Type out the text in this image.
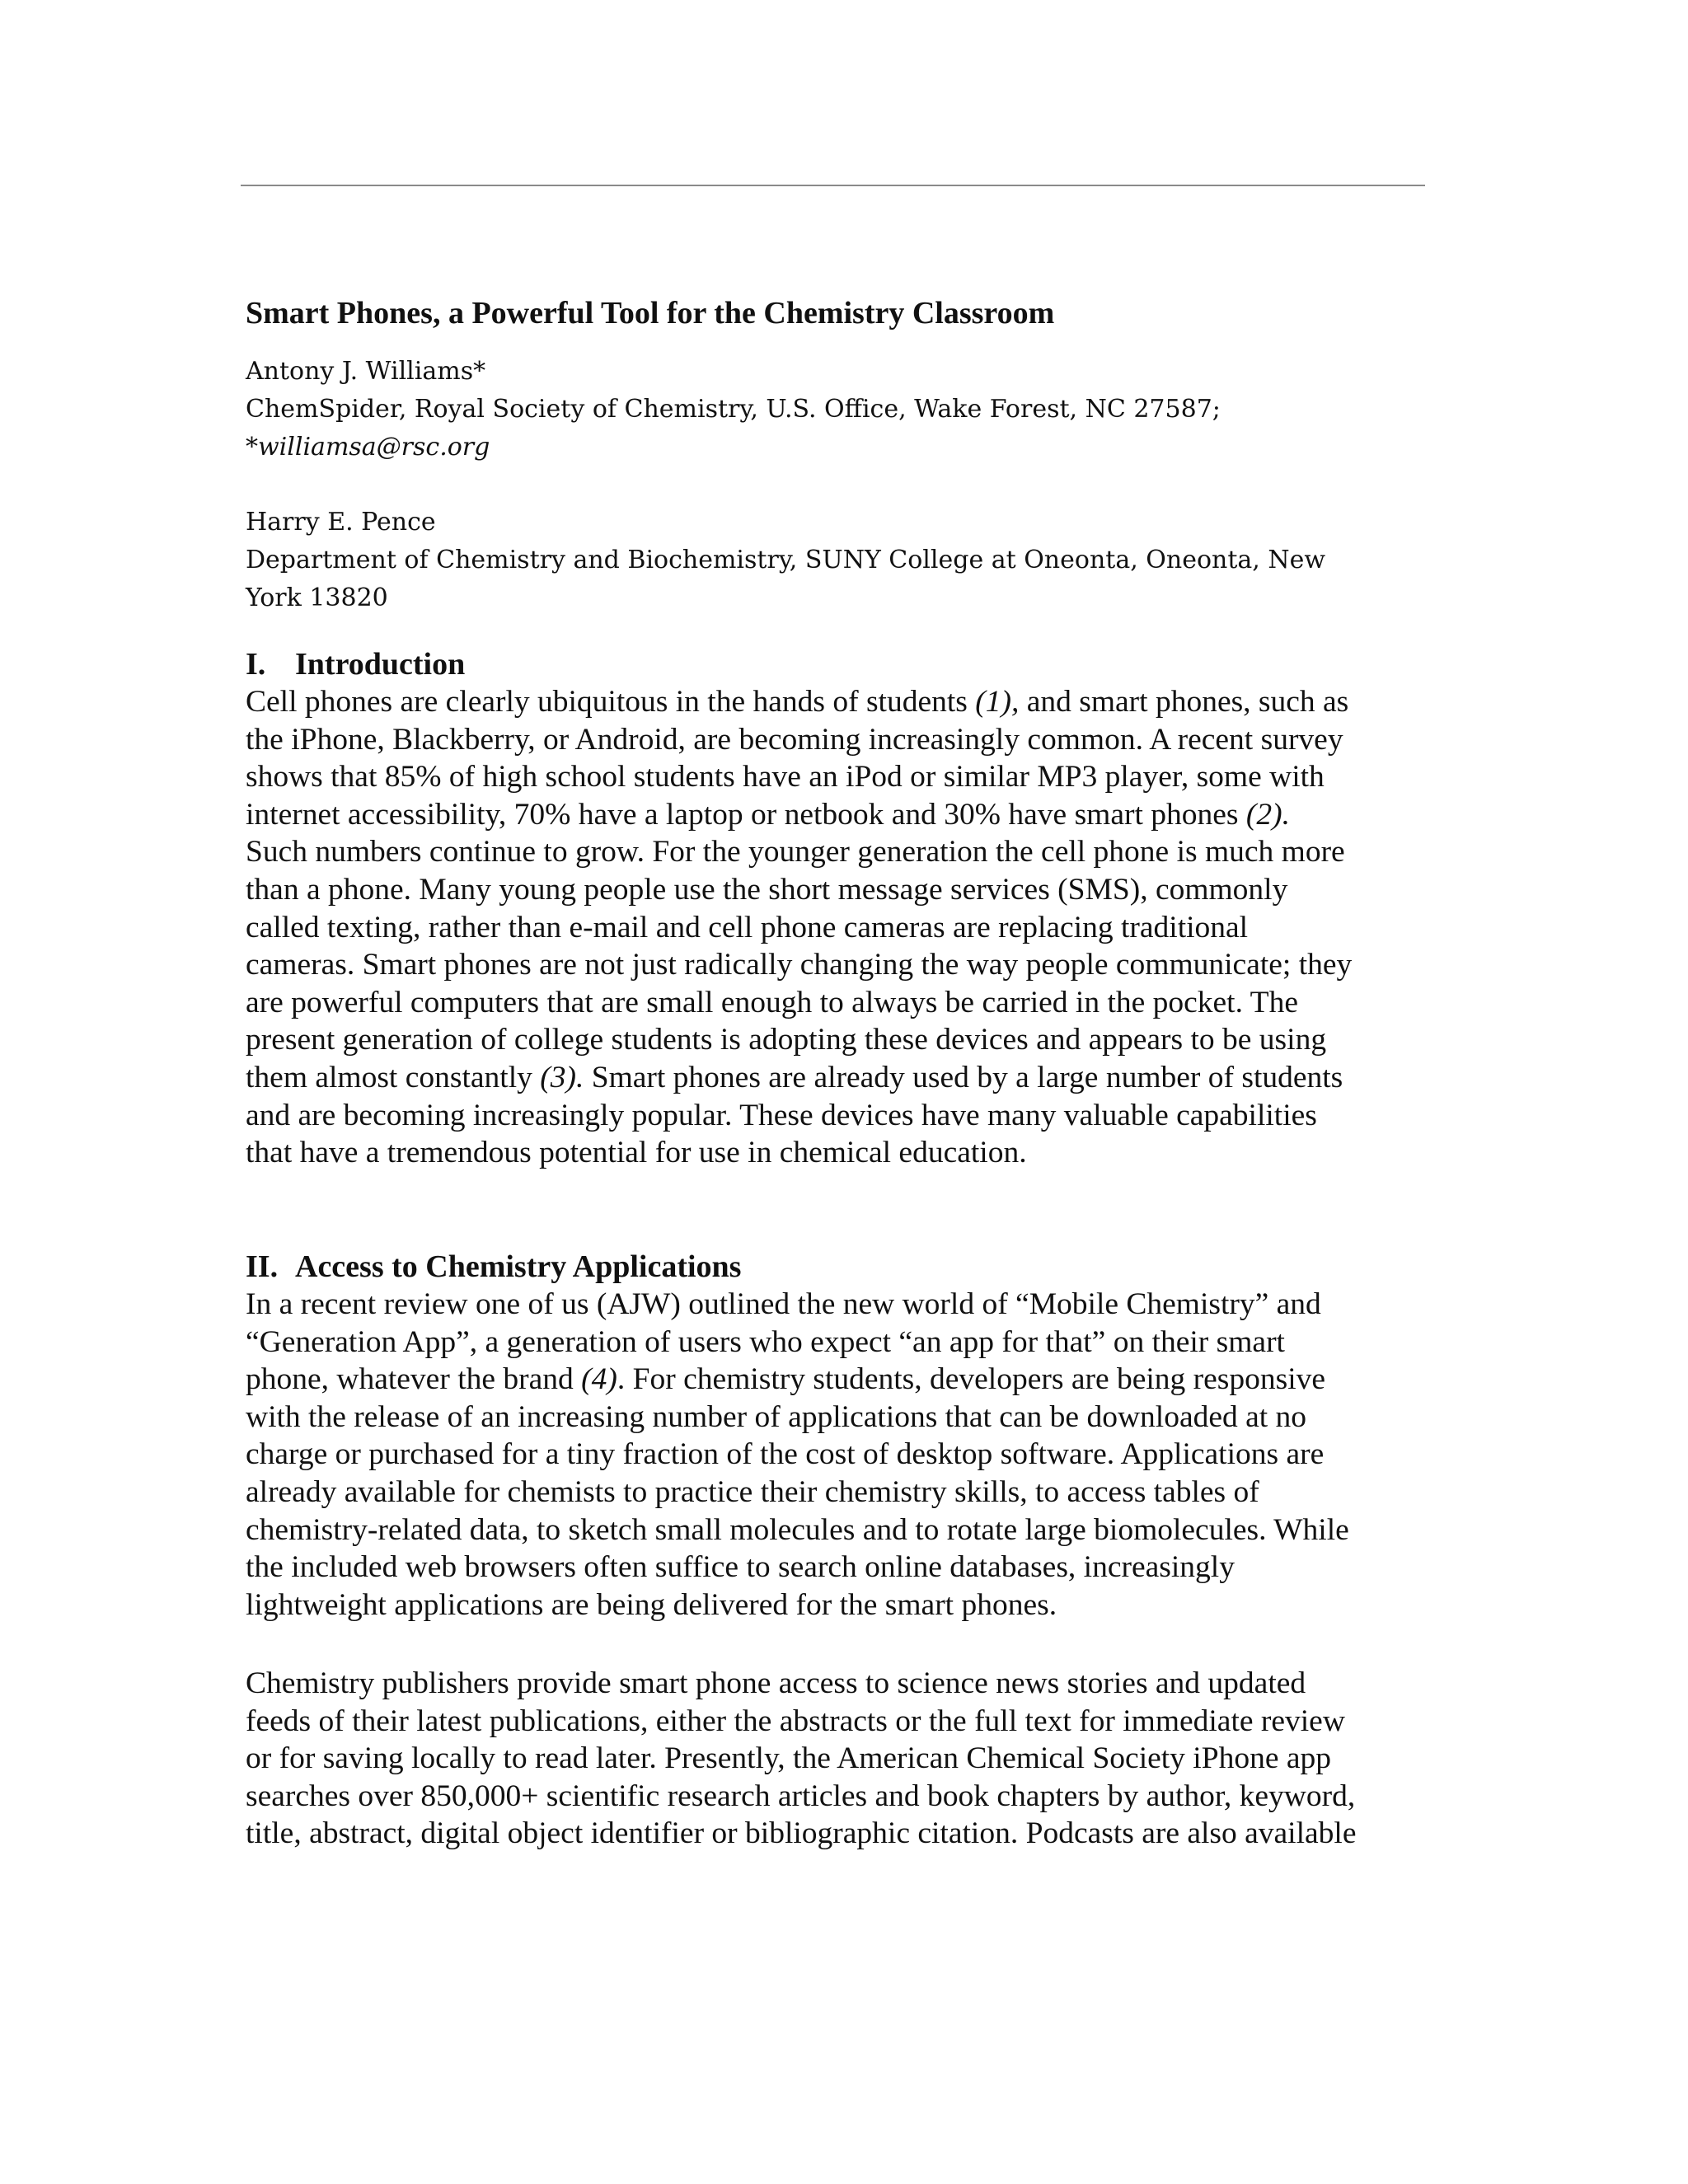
Smart Phones, a Powerful Tool for the Chemistry Classroom
Antony J. Williams*
ChemSpider, Royal Society of Chemistry, U.S. Office, Wake Forest, NC 27587;
*williamsa@rsc.org
Harry E. Pence
Department of Chemistry and Biochemistry, SUNY College at Oneonta, Oneonta, New
York 13820
I. Introduction
Cell phones are clearly ubiquitous in the hands of students (1), and smart phones, such as
the iPhone, Blackberry, or Android, are becoming increasingly common. A recent survey
shows that 85% of high school students have an iPod or similar MP3 player, some with
internet accessibility, 70% have a laptop or netbook and 30% have smart phones (2).
Such numbers continue to grow. For the younger generation the cell phone is much more
than a phone. Many young people use the short message services (SMS), commonly
called texting, rather than e-mail and cell phone cameras are replacing traditional
cameras. Smart phones are not just radically changing the way people communicate; they
are powerful computers that are small enough to always be carried in the pocket. The
present generation of college students is adopting these devices and appears to be using
them almost constantly (3). Smart phones are already used by a large number of students
and are becoming increasingly popular. These devices have many valuable capabilities
that have a tremendous potential for use in chemical education.
II. Access to Chemistry Applications
In a recent review one of us (AJW) outlined the new world of “Mobile Chemistry” and
“Generation App”, a generation of users who expect “an app for that” on their smart
phone, whatever the brand (4). For chemistry students, developers are being responsive
with the release of an increasing number of applications that can be downloaded at no
charge or purchased for a tiny fraction of the cost of desktop software. Applications are
already available for chemists to practice their chemistry skills, to access tables of
chemistry-related data, to sketch small molecules and to rotate large biomolecules. While
the included web browsers often suffice to search online databases, increasingly
lightweight applications are being delivered for the smart phones.
Chemistry publishers provide smart phone access to science news stories and updated
feeds of their latest publications, either the abstracts or the full text for immediate review
or for saving locally to read later. Presently, the American Chemical Society iPhone app
searches over 850,000+ scientific research articles and book chapters by author, keyword,
title, abstract, digital object identifier or bibliographic citation. Podcasts are also available
